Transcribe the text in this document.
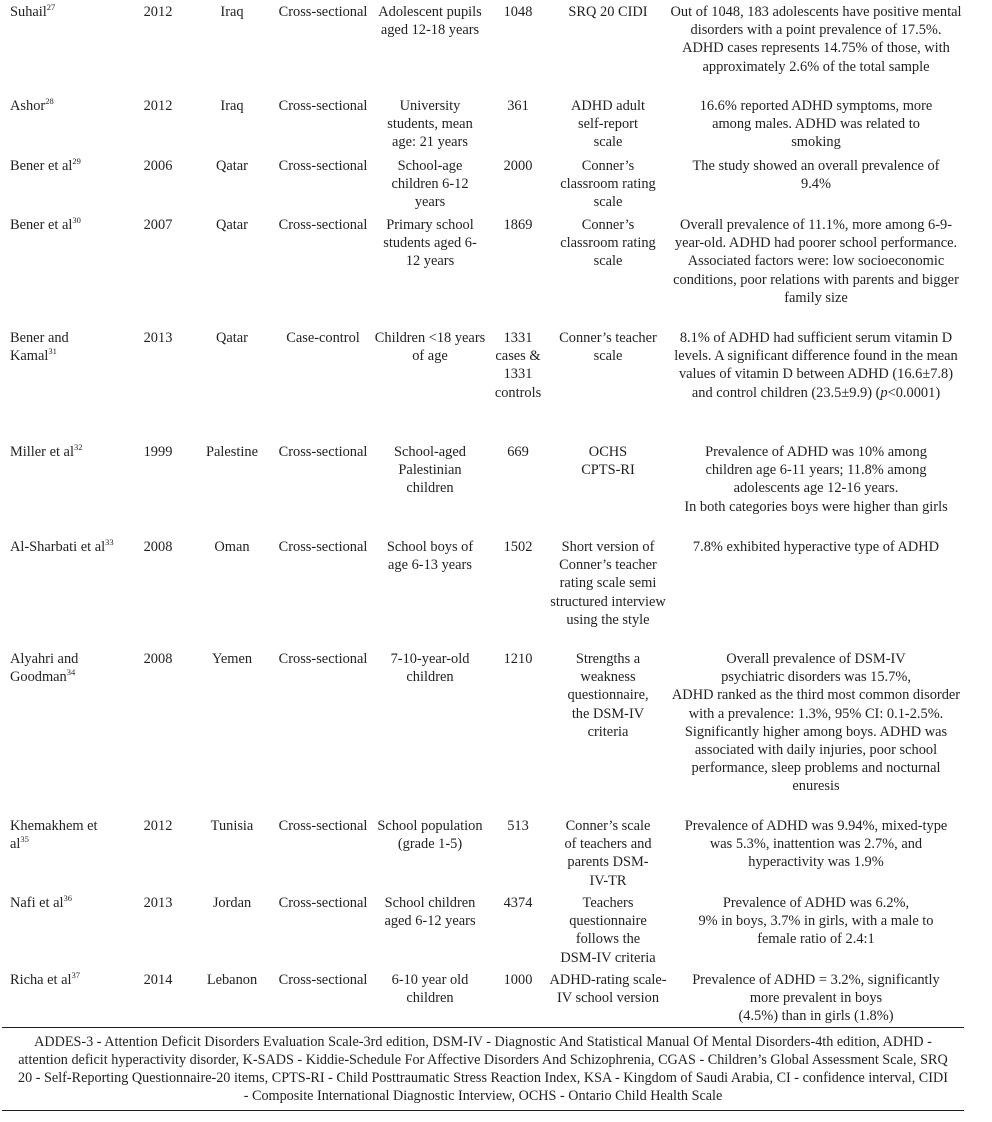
Suhail$^{27}$	2012	Iraq	Cross-sectional	Adolescent pupils aged 12-18 years	1048	SRQ 20 CIDI	Out of 1048, 183 adolescents have positive mental disorders with a point prevalence of 17.5%. ADHD cases represents 14.75% of those, with approximately 2.6% of the total sample
Ashor$^{28}$	2012	Iraq	Cross-sectional	University students, mean age: 21 years	361	ADHD adult self-report scale	16.6% reported ADHD symptoms, more among males. ADHD was related to smoking
Bener et $al^{29}$	2006	Qatar	Cross-sectional	School-age children 6-12 years	2000	Conner’s classroom rating scale	The study showed an overall prevalence of 9.4%
Bener et $al^{30}$	2007	Qatar	Cross-sectional	Primary school students aged 6-12 years	1869	Conner’s classroom rating scale	Overall prevalence of 11.1%, more among 6-9-year-old. ADHD had poorer school performance. Associated factors were: low socioeconomic conditions, poor relations with parents and bigger family size
Bener and Kamal$^{31}$	2013	Qatar	Case-control	Children <18 years of age	1331 cases & 1331 controls	Conner’s teacher scale	8.1% of ADHD had sufficient serum vitamin D levels. A significant difference found in the mean values of vitamin D between ADHD (16.6±7.8) and control children (23.5±9.9) (p<0.0001)
Miller et $al^{32}$	1999	Palestine	Cross-sectional	School-aged Palestinian children	669	OCHS CPTS-RI	Prevalence of ADHD was 10% among children age 6-11 years; 11.8% among adolescents age 12-16 years.
In both categories boys were higher than girls

Al-Sharbati et $al^{33}$	2008	Oman	Cross-sectional	School boys of age 6-13 years	1502	Short version of Conner’s teacher rating scale semi structured interview using the style	7.8% exhibited hyperactive type of ADHD
Alyahri and Goodman$^{34}$	2008	Yemen	Cross-sectional	7-10-year-old children	1210	Strengths a weakness questionnaire, the DSM-IV criteria	Overall prevalence of DSM-IV psychiatric disorders was 15.7%,
ADHD ranked as the third most common disorder with a prevalence: 1.3%, 95% CI: 0.1-2.5%. Significantly higher among boys. ADHD was associated with daily injuries, poor school performance, sleep problems and nocturnal enuresis

Khemakhem et $al^{35}$	2012	Tunisia	Cross-sectional	School population (grade 1-5)	513	Conner’s scale of teachers and parents DSM-IV-TR	Prevalence of ADHD was 9.94%, mixed-type was 5.3%, inattention was 2.7%, and hyperactivity was 1.9%
Nafi et $al^{36}$	2013	Jordan	Cross-sectional	School children aged 6-12 years	4374	Teachers questionnaire follows the DSM-IV criteria	Prevalence of ADHD was 6.2%,
9% in boys, 3.7% in girls, with a male to female ratio of 2.4:1

Richa et $al^{37}$	2014	Lebanon	Cross-sectional	6-10 year old children	1000	ADHD-rating scale-IV school version	Prevalence of ADHD = 3.2%, significantly more prevalent in boys
(4.5%) than in girls (1.8%)

ADDES-3 - Attention Deficit Disorders Evaluation Scale-3rd edition, DSM-IV - Diagnostic And Statistical Manual Of Mental Disorders-4th edition, ADHD - attention deficit hyperactivity disorder, K-SADS - Kiddie-Schedule For Affective Disorders And Schizophrenia, CGAS - Children’s Global Assessment Scale, SRQ 20 - Self-Reporting Questionnaire-20 items, CPTS-RI - Child Posttraumatic Stress Reaction Index, KSA - Kingdom of Saudi Arabia, CI - confidence interval, CIDI - Composite International Diagnostic Interview, OCHS - Ontario Child Health Scale
